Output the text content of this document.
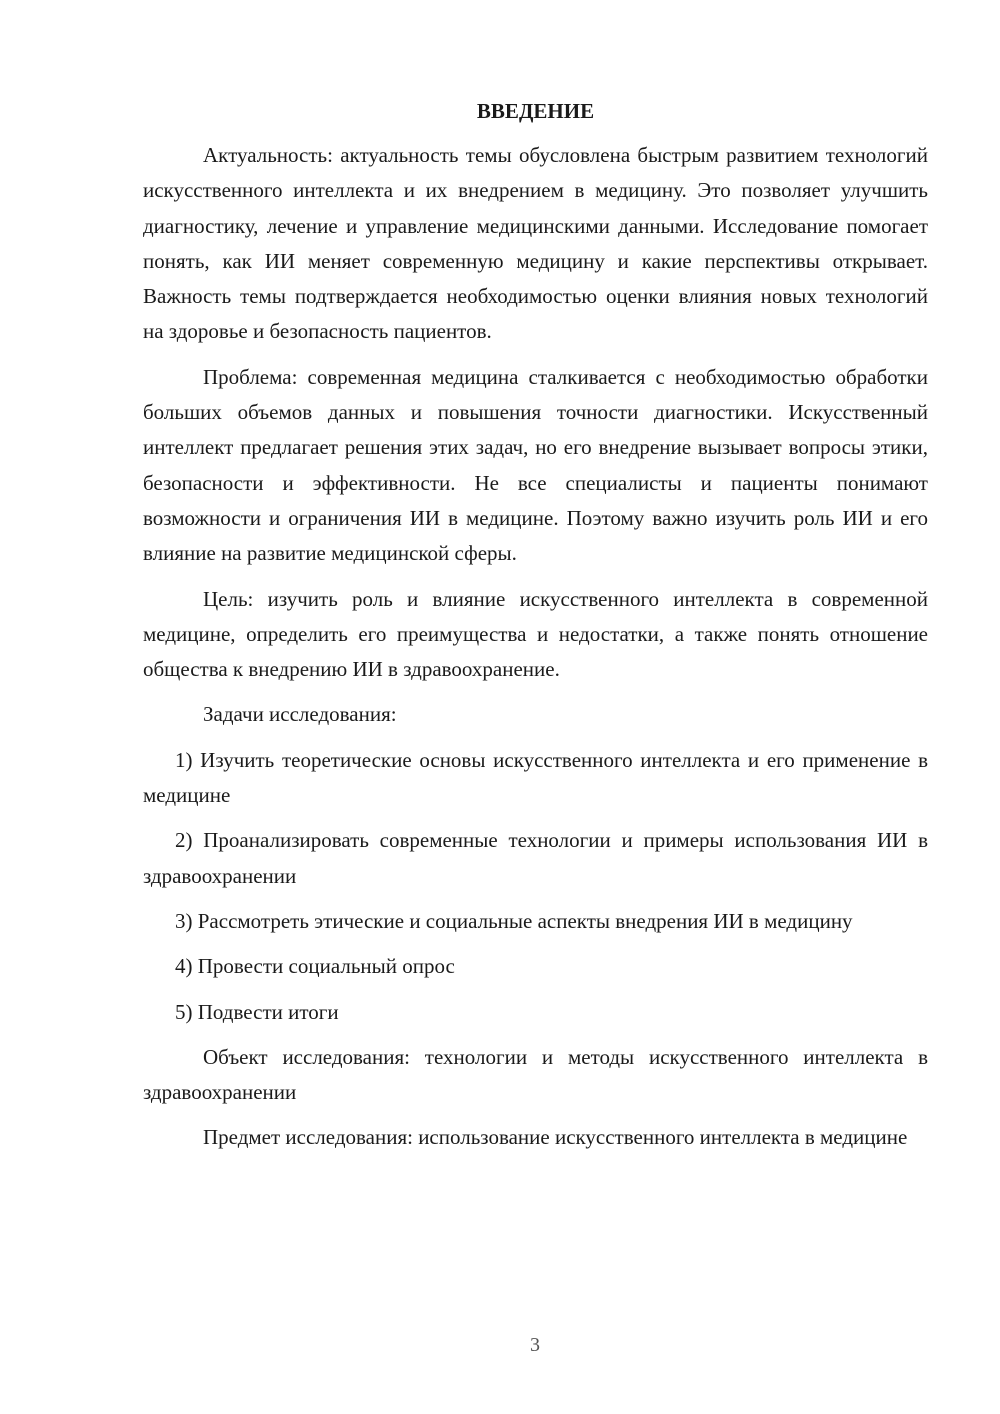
ВВЕДЕНИЕ

Актуальность: актуальность темы обусловлена быстрым развитием технологий искусственного интеллекта и их внедрением в медицину. Это позволяет улучшить диагностику, лечение и управление медицинскими данными. Исследование помогает понять, как ИИ меняет современную медицину и какие перспективы открывает. Важность темы подтверждается необходимостью оценки влияния новых технологий на здоровье и безопасность пациентов.

Проблема: современная медицина сталкивается с необходимостью обработки больших объемов данных и повышения точности диагностики. Искусственный интеллект предлагает решения этих задач, но его внедрение вызывает вопросы этики, безопасности и эффективности. Не все специалисты и пациенты понимают возможности и ограничения ИИ в медицине. Поэтому важно изучить роль ИИ и его влияние на развитие медицинской сферы.

Цель: изучить роль и влияние искусственного интеллекта в современной медицине, определить его преимущества и недостатки, а также понять отношение общества к внедрению ИИ в здравоохранение.

Задачи исследования:

1) Изучить теоретические основы искусственного интеллекта и его применение в медицине

2) Проанализировать современные технологии и примеры использования ИИ в здравоохранении

3) Рассмотреть этические и социальные аспекты внедрения ИИ в медицину

4) Провести социальный опрос

5) Подвести итоги

Объект исследования: технологии и методы искусственного интеллекта в здравоохранении

Предмет исследования: использование искусственного интеллекта в медицине

3
